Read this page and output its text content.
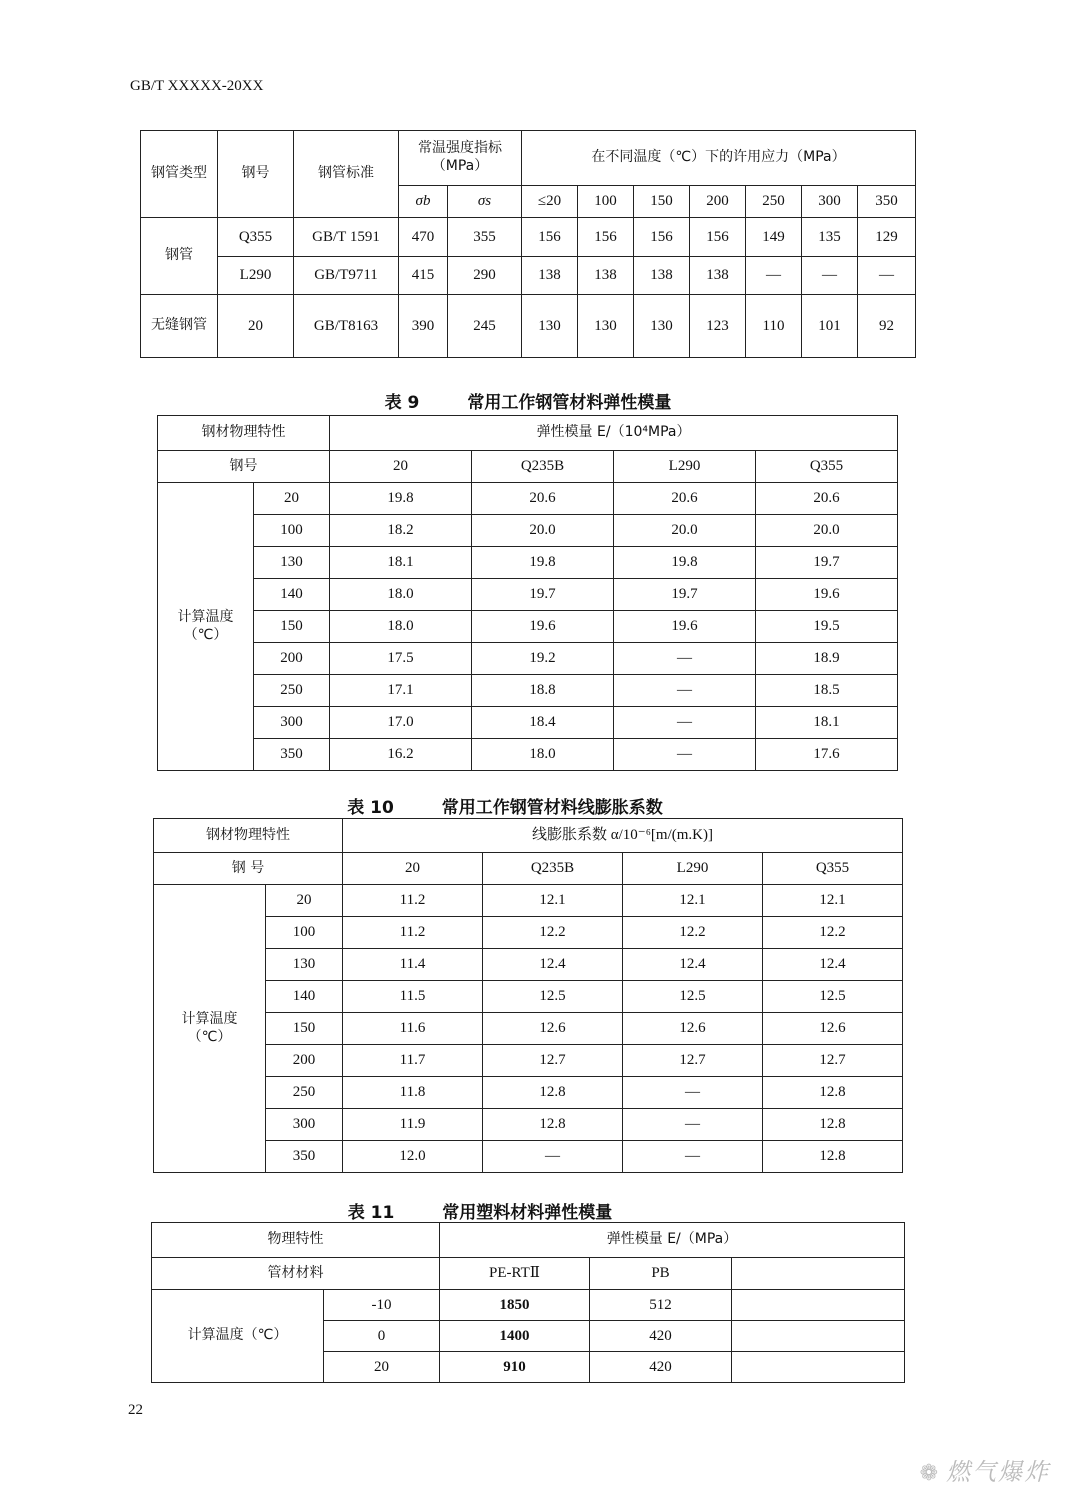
GB/T XXXXX-20XX
钢管类型	钢号	钢管标准	常温强度指标（MPa）		在不同温度（℃）下的许用应力（MPa）						
			σb	σs	≤20	100	150	200	250	300	350
钢管	Q355	GB/T 1591	470	355	156	156	156	156	149	135	129
	L290	GB/T9711	415	290	138	138	138	138	—	—	—
无缝钢管	20	GB/T8163	390	245	130	130	130	123	110	101	92
表 9	常用工作钢管材料弹性模量
钢材物理特性		弹性模量 E/（10⁴MPa）			
钢号		20	Q235B	L290	Q355
计算温度（℃）	20	19.8	20.6	20.6	20.6
	100	18.2	20.0	20.0	20.0
	130	18.1	19.8	19.8	19.7
	140	18.0	19.7	19.7	19.6
	150	18.0	19.6	19.6	19.5
	200	17.5	19.2	—	18.9
	250	17.1	18.8	—	18.5
	300	17.0	18.4	—	18.1
	350	16.2	18.0	—	17.6
表 10	常用工作钢管材料线膨胀系数
钢材物理特性		线膨胀系数 α/10⁻⁶[m/(m.K)]			
钢 号		20	Q235B	L290	Q355
计算温度（℃）	20	11.2	12.1	12.1	12.1
	100	11.2	12.2	12.2	12.2
	130	11.4	12.4	12.4	12.4
	140	11.5	12.5	12.5	12.5
	150	11.6	12.6	12.6	12.6
	200	11.7	12.7	12.7	12.7
	250	11.8	12.8	—	12.8
	300	11.9	12.8	—	12.8
	350	12.0	—	—	12.8
表 11	常用塑料材料弹性模量
物理特性		弹性模量 E/（MPa）		
管材材料		PE-RTⅡ	PB	
计算温度（℃）	-10	1850	512	
	0	1400	420	
	20	910	420	
22
❁ 燃气爆炸
